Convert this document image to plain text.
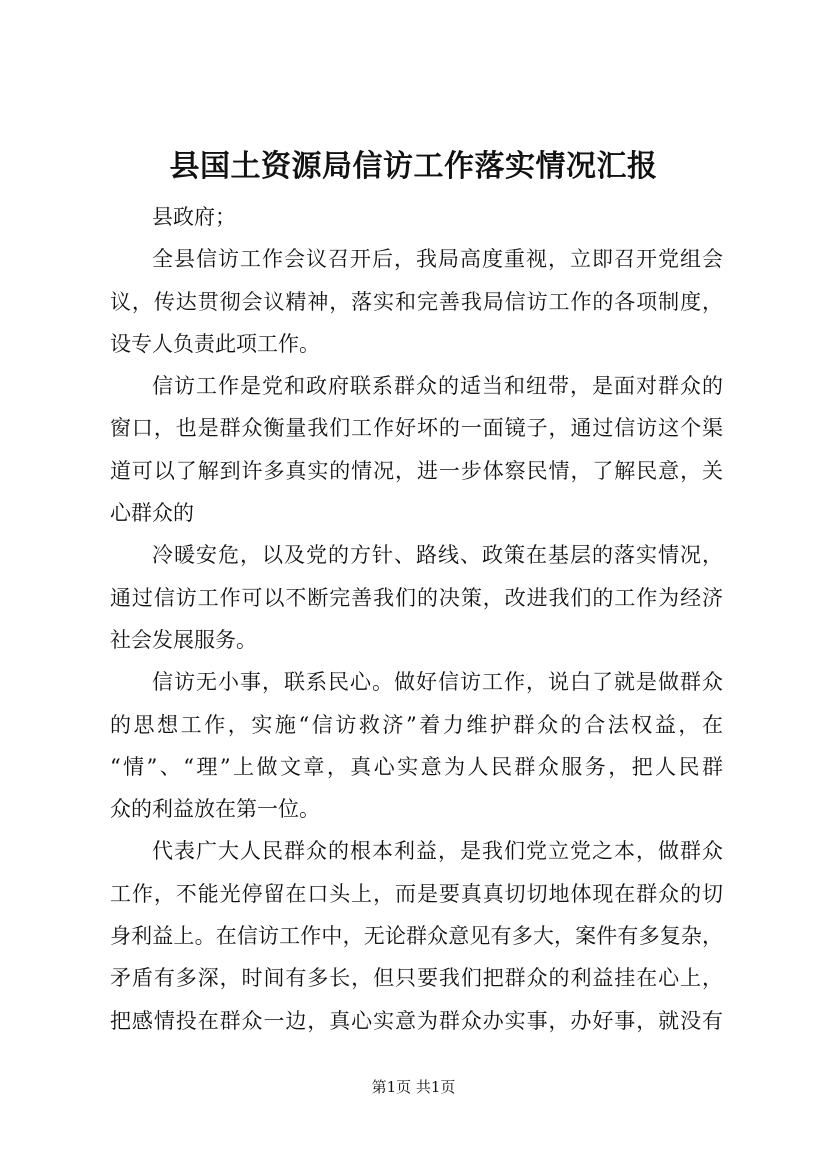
县国土资源局信访工作落实情况汇报
县政府；
全县信访工作会议召开后，我局高度重视，立即召开党组会
议，传达贯彻会议精神，落实和完善我局信访工作的各项制度，
设专人负责此项工作。
信访工作是党和政府联系群众的适当和纽带，是面对群众的
窗口，也是群众衡量我们工作好坏的一面镜子，通过信访这个渠
道可以了解到许多真实的情况，进一步体察民情，了解民意，关
心群众的
冷暖安危，以及党的方针、路线、政策在基层的落实情况，
通过信访工作可以不断完善我们的决策，改进我们的工作为经济
社会发展服务。
信访无小事，联系民心。做好信访工作，说白了就是做群众
的思想工作，实施“信访救济”着力维护群众的合法权益，在
“情”、“理”上做文章，真心实意为人民群众服务，把人民群
众的利益放在第一位。
代表广大人民群众的根本利益，是我们党立党之本，做群众
工作，不能光停留在口头上，而是要真真切切地体现在群众的切
身利益上。在信访工作中，无论群众意见有多大，案件有多复杂，
矛盾有多深，时间有多长，但只要我们把群众的利益挂在心上，
把感情投在群众一边，真心实意为群众办实事，办好事，就没有
第1页 共1页
